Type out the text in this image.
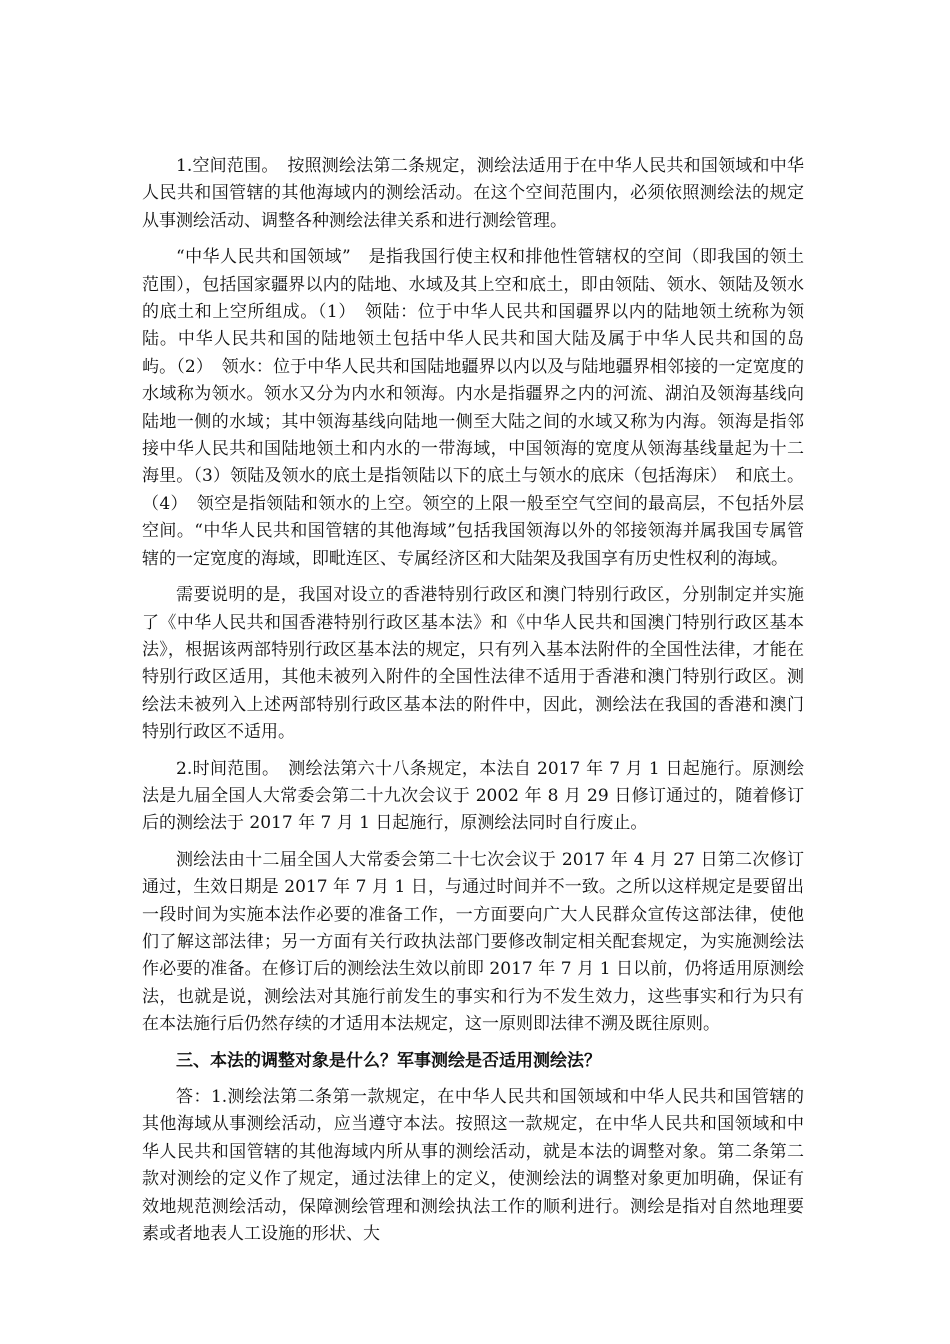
1.空间范围。　按照测绘法第二条规定，测绘法适用于在中华人民共和国领域和中华人民共和国管辖的其他海域内的测绘活动。在这个空间范围内，必须依照测绘法的规定从事测绘活动、调整各种测绘法律关系和进行测绘管理。

“中华人民共和国领域”　是指我国行使主权和排他性管辖权的空间（即我国的领土范围），包括国家疆界以内的陆地、水域及其上空和底土，即由领陆、领水、领陆及领水的底土和上空所组成。（1）　领陆：位于中华人民共和国疆界以内的陆地领土统称为领陆。中华人民共和国的陆地领土包括中华人民共和国大陆及属于中华人民共和国的岛屿。（2）　领水：位于中华人民共和国陆地疆界以内以及与陆地疆界相邻接的一定宽度的水域称为领水。领水又分为内水和领海。内水是指疆界之内的河流、湖泊及领海基线向陆地一侧的水域；其中领海基线向陆地一侧至大陆之间的水域又称为内海。领海是指邻接中华人民共和国陆地领土和内水的一带海域，中国领海的宽度从领海基线量起为十二海里。（3）领陆及领水的底土是指领陆以下的底土与领水的底床（包括海床）　和底土。（4）　领空是指领陆和领水的上空。领空的上限一般至空气空间的最高层，不包括外层空间。“中华人民共和国管辖的其他海域”包括我国领海以外的邻接领海并属我国专属管辖的一定宽度的海域，即毗连区、专属经济区和大陆架及我国享有历史性权利的海域。

需要说明的是，我国对设立的香港特别行政区和澳门特别行政区，分别制定并实施了《中华人民共和国香港特别行政区基本法》和《中华人民共和国澳门特别行政区基本法》，根据该两部特别行政区基本法的规定，只有列入基本法附件的全国性法律，才能在特别行政区适用，其他未被列入附件的全国性法律不适用于香港和澳门特别行政区。测绘法未被列入上述两部特别行政区基本法的附件中，因此，测绘法在我国的香港和澳门特别行政区不适用。

2.时间范围。　测绘法第六十八条规定，本法自 2017 年 7 月 1 日起施行。原测绘法是九届全国人大常委会第二十九次会议于 2002 年 8 月 29 日修订通过的，随着修订后的测绘法于 2017 年 7 月 1 日起施行，原测绘法同时自行废止。

测绘法由十二届全国人大常委会第二十七次会议于 2017 年 4 月 27 日第二次修订通过，生效日期是 2017 年 7 月 1 日，与通过时间并不一致。之所以这样规定是要留出一段时间为实施本法作必要的准备工作，一方面要向广大人民群众宣传这部法律，使他们了解这部法律；另一方面有关行政执法部门要修改制定相关配套规定，为实施测绘法作必要的准备。在修订后的测绘法生效以前即 2017 年 7 月 1 日以前，仍将适用原测绘法，也就是说，测绘法对其施行前发生的事实和行为不发生效力，这些事实和行为只有在本法施行后仍然存续的才适用本法规定，这一原则即法律不溯及既往原则。

三、本法的调整对象是什么？军事测绘是否适用测绘法？

答：1.测绘法第二条第一款规定，在中华人民共和国领域和中华人民共和国管辖的其他海域从事测绘活动，应当遵守本法。按照这一款规定，在中华人民共和国领域和中华人民共和国管辖的其他海域内所从事的测绘活动，就是本法的调整对象。第二条第二款对测绘的定义作了规定，通过法律上的定义，使测绘法的调整对象更加明确，保证有效地规范测绘活动，保障测绘管理和测绘执法工作的顺利进行。测绘是指对自然地理要素或者地表人工设施的形状、大
